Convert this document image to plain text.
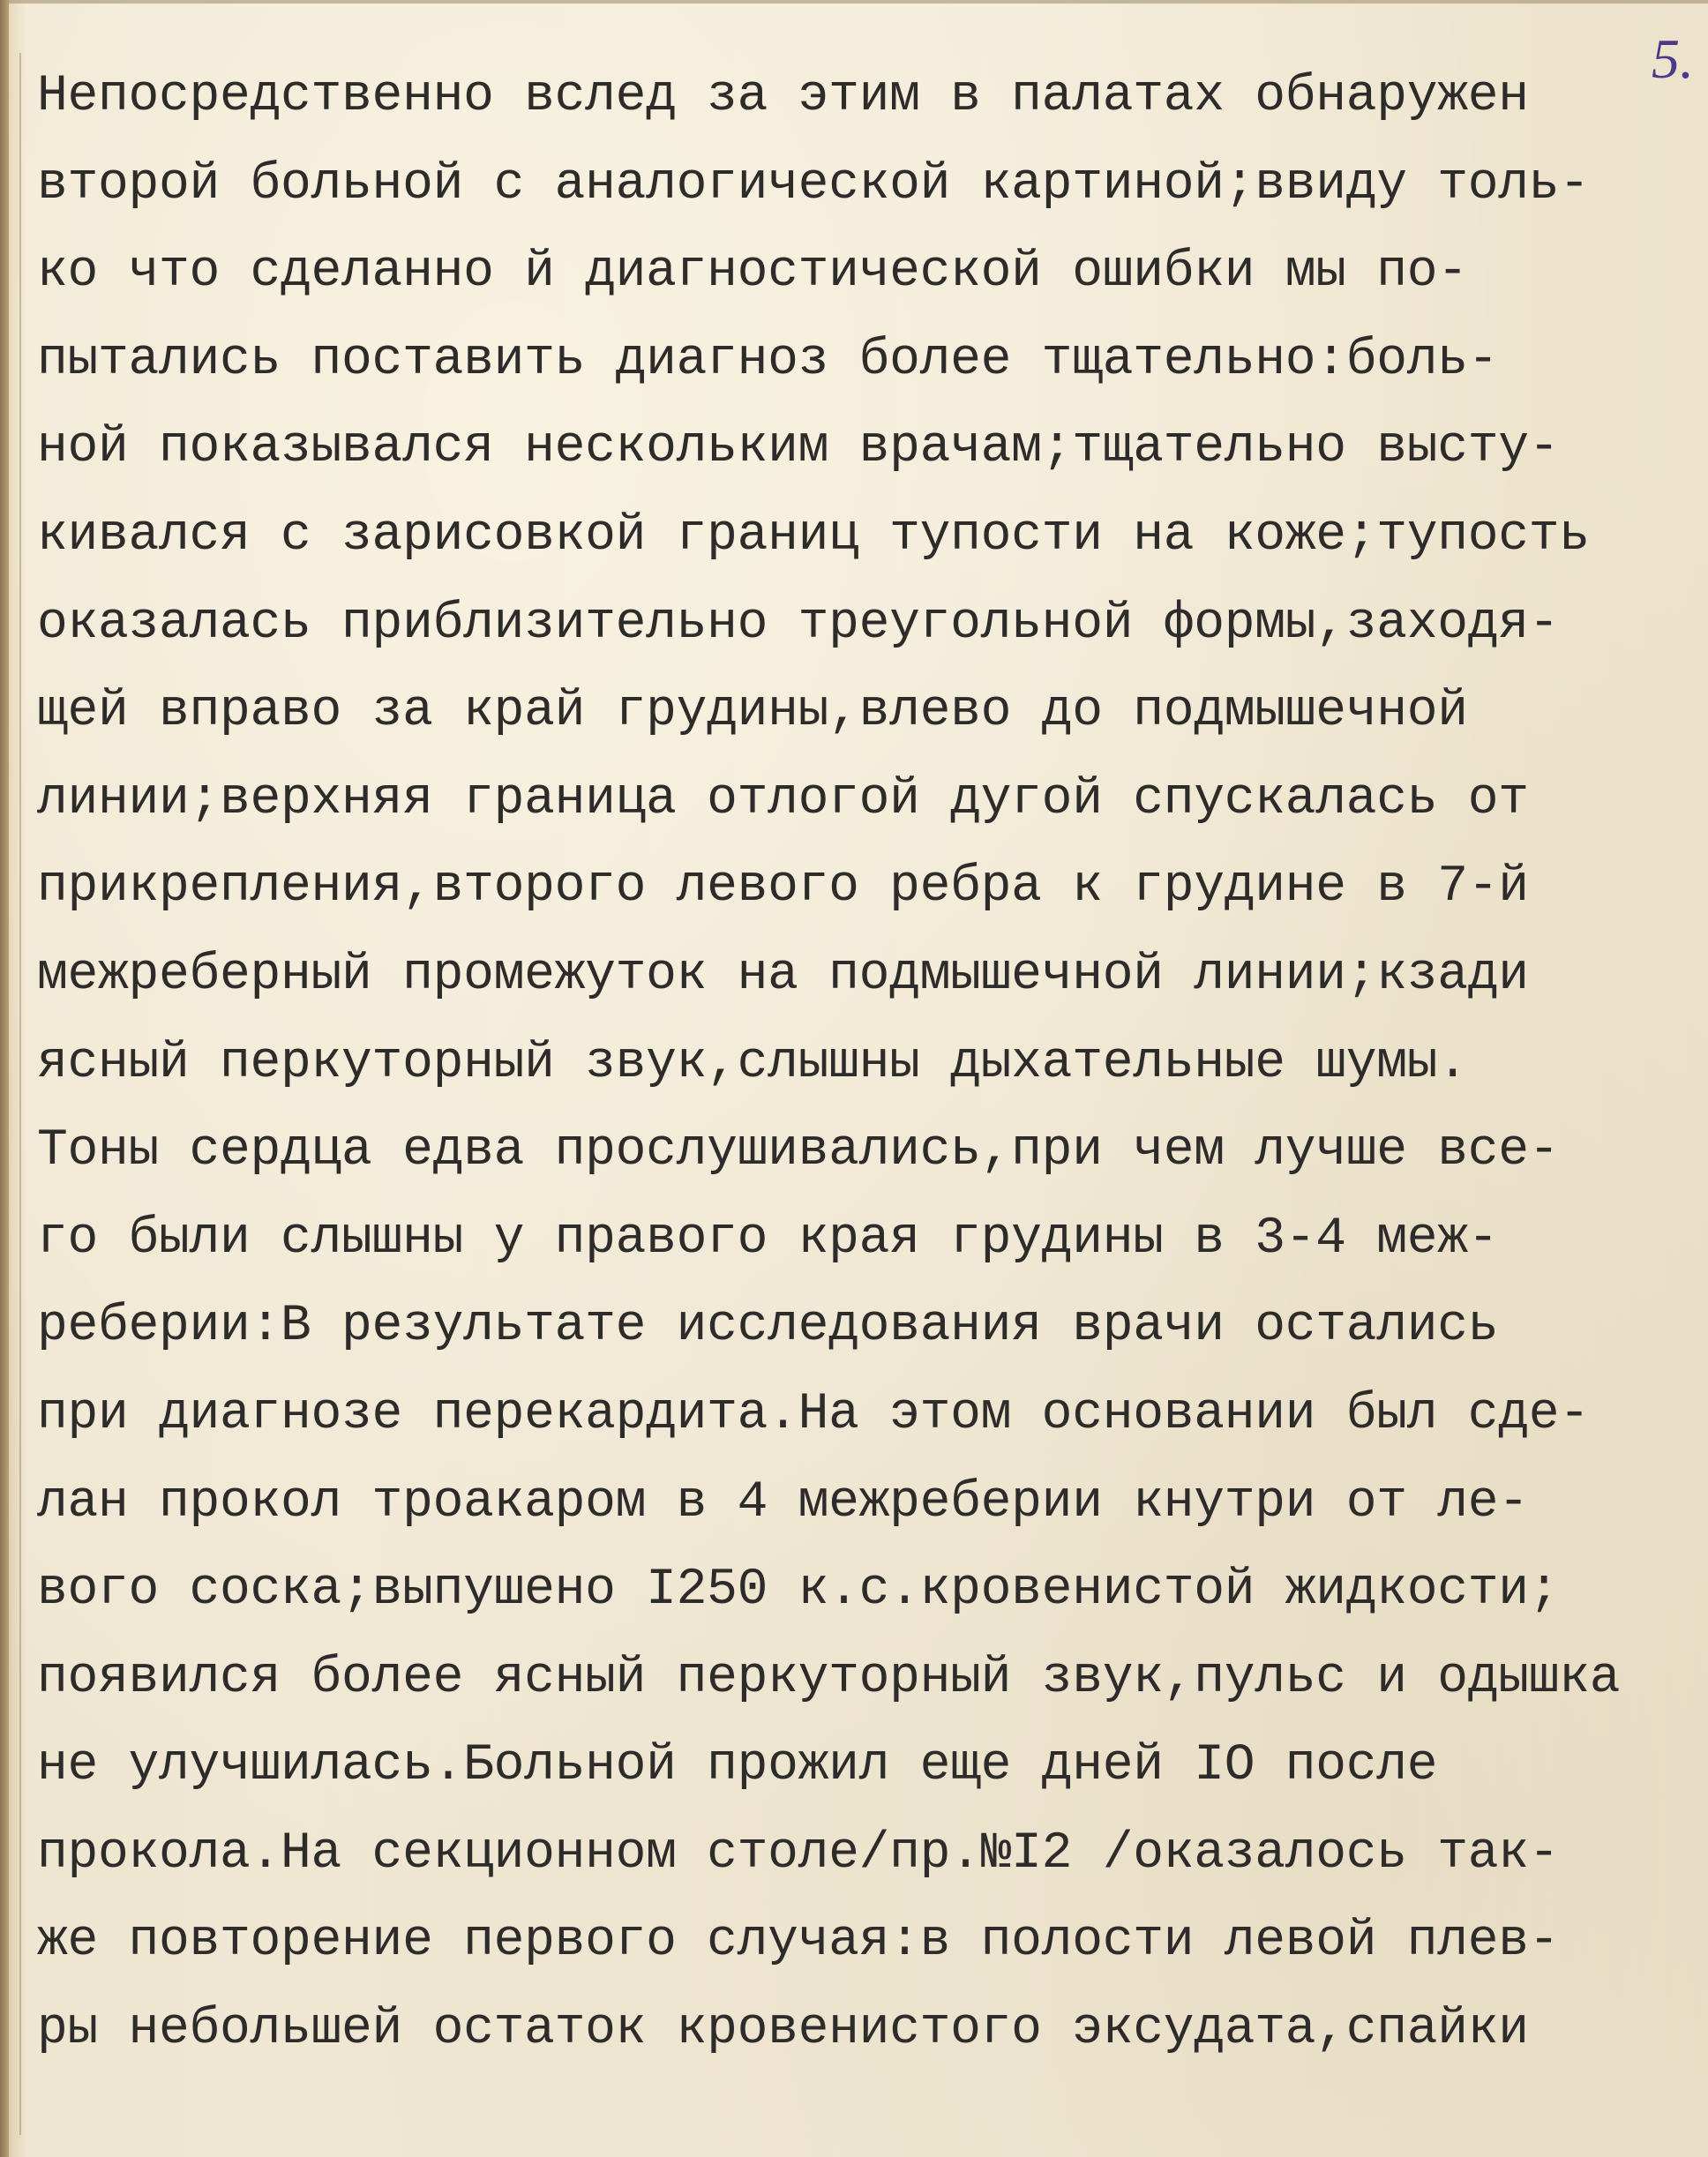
5.
Непосредственно вслед за этим в палатах обнаружен
второй больной с аналогической картиной;ввиду толь-
ко что сделанно й диагностической ошибки мы по-
пытались поставить диагноз более тщательно:боль-
ной показывался нескольким врачам;тщательно высту-
кивался с зарисовкой границ тупости на коже;тупость
оказалась приблизительно треугольной формы,заходя-
щей вправо за край грудины,влево до подмышечной
линии;верхняя граница отлогой дугой спускалась от
прикрепления,второго левого ребра к грудине в 7-й
межреберный промежуток на подмышечной линии;кзади
ясный перкуторный звук,слышны дыхательные шумы.
Тоны сердца едва прослушивались,при чем лучше все-
го были слышны у правого края грудины в 3-4 меж-
реберии:В результате исследования врачи остались
при диагнозе перекардита.На этом основании был сде-
лан прокол троакаром в 4 межреберии кнутри от ле-
вого соска;выпушено I250 к.с.кровенистой жидкости;
появился более ясный перкуторный звук,пульс и одышка
не улучшилась.Больной прожил еще дней IO после
прокола.На секционном столе/пр.№I2 /оказалось так-
же повторение первого случая:в полости левой плев-
ры небольшей остаток кровенистого эксудата,спайки
